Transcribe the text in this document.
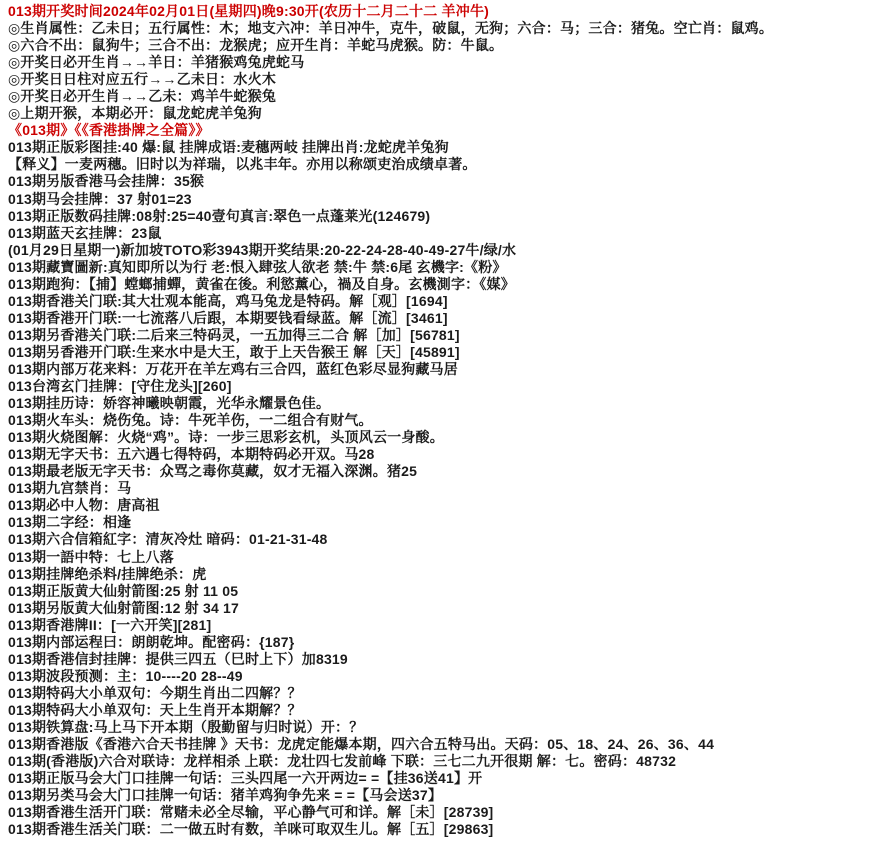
013期开奖时间2024年02月01日(星期四)晚9:30开(农历十二月二十二 羊冲牛)
◎生肖属性：乙未日；五行属性：木；地支六冲：羊日冲牛，克牛，破鼠，无狗；六合：马；三合：猪兔。空亡肖：鼠鸡。
◎六合不出：鼠狗牛；三合不出：龙猴虎；应开生肖：羊蛇马虎猴。防：牛鼠。
◎开奖日必开生肖→→羊日：羊猪猴鸡兔虎蛇马
◎开奖日日柱对应五行→→乙未日：水火木
◎开奖日必开生肖→→乙未：鸡羊牛蛇猴兔
◎上期开猴，本期必开：鼠龙蛇虎羊兔狗
《013期》《《香港掛牌之全篇》》
013期正版彩图挂:40 爆:鼠 挂牌成语:麦穗两岐 挂牌出肖:龙蛇虎羊兔狗
【释义】一麦两穗。旧时以为祥瑞，以兆丰年。亦用以称颂吏治成绩卓著。
013期另版香港马会挂牌：35猴
013期马会挂牌：37 射01=23
013期正版数码挂牌:08射:25=40壹句真言:翠色一点蓬莱光(124679)
013期蓝天玄挂牌：23鼠
(01月29日星期一)新加坡TOTO彩3943期开奖结果:20-22-24-28-40-49-27牛/绿/水
013期藏寶圖新:真知即所以为行 老:恨入肆弦人欲老 禁:牛 禁:6尾 玄機字:《粉》
013期跑狗：【捕】螳螂捕蟬，黄雀在後。利慾薰心，禍及自身。玄機測字：《媒》
013期香港关门联:其大壮观本能高，鸡马兔龙是特码。解［观］[1694]
013期香港开门联:一七流落八后跟，本期要钱看绿蓝。解［流］[3461]
013期另香港关门联:二后来三特码灵，一五加得三二合 解［加］[56781]
013期另香港开门联:生来水中是大王，敢于上天告猴王 解［天］[45891]
013期内部万花来料：万花开在羊左鸡右三合四，蓝红色彩尽显狗藏马居
013台湾玄门挂牌：[守住龙头][260]
013期挂历诗：娇容神曦映朝霞，光华永耀景色佳。
013期火车头：烧伤兔。诗：牛死羊伤，一二组合有财气。
013期火烧图解：火烧“鸡”。诗：一步三思彩玄机，头顶风云一身酸。
013期无字天书：五六遇七得特码，本期特码必开双。马28
013期最老版无字天书：众骂之毒你莫藏，奴才无福入深渊。猪25
013期九宫禁肖：马
013期必中人物：唐高祖
013期二字经：相逢
013期六合信箱紅字：清灰冷灶 暗码：01-21-31-48
013期一語中特：七上八落
013期挂牌绝杀料/挂牌绝杀：虎
013期正版黄大仙射箭图:25 射 11 05
013期另版黄大仙射箭图:12 射 34 17
013期香港牌II：[一六开笑][281]
013期内部运程曰：朗朗乾坤。配密码：{187}
013期香港信封挂牌：提供三四五（巳时上下）加8319
013期波段预测：主：10----20 28--49
013期特码大小单双句：今期生肖出二四解？？
013期特码大小单双句：天上生肖开本期解？？
013期铁算盘:马上马下开本期（殷勤留与归时说）开：？
013期香港版《香港六合天书挂牌 》天书：龙虎定能爆本期，四六合五特马出。天码：05、18、24、26、36、44
013期(香港版)六合对联诗：龙样相杀 上联：龙壮四七发前峰 下联：三七二九开很期 解：七。密码：48732
013期正版马会大门口挂牌一句话：三头四尾一六开两边= =【挂36送41】开
013期另类马会大门口挂牌一句话：猪羊鸡狗争先来 = =【马会送37】
013期香港生活开门联：常赌未必全尽输，平心静气可和详。解［未］[28739]
013期香港生活关门联：二一做五时有数，羊咪可取双生儿。解［五］[29863]
